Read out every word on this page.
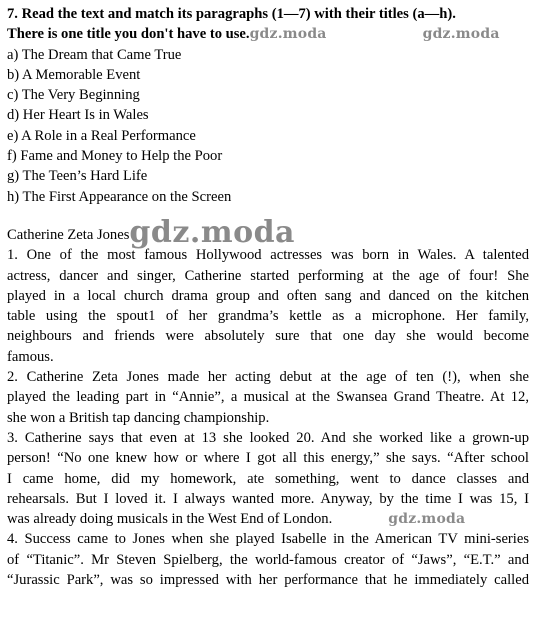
7. Read the text and match its paragraphs (1—7) with their titles (a—h).
There is one title you don't have to use.gdz.moda	gdz.moda
a) The Dream that Came True
b) A Memorable Event
c) The Very Beginning
d) Her Heart Is in Wales
e) A Role in a Real Performance
f) Fame and Money to Help the Poor
g) The Teen’s Hard Life
h) The First Appearance on the Screen
Catherine Zeta Jonesgdz.moda
1. One of the most famous Hollywood actresses was born in Wales. A talented
actress, dancer and singer, Catherine started performing at the age of four! She
played in a local church drama group and often sang and danced on the kitchen
table using the spout1 of her grandma’s kettle as a microphone. Her family,
neighbours and friends were absolutely sure that one day she would become
famous.
2. Catherine Zeta Jones made her acting debut at the age of ten (!), when she
played the leading part in “Annie”, a musical at the Swansea Grand Theatre. At 12,
she won a British tap dancing championship.
3. Catherine says that even at 13 she looked 20. And she worked like a grown-up
person! “No one knew how or where I got all this energy,” she says. “After school
I came home, did my homework, ate something, went to dance classes and
rehearsals. But I loved it. I always wanted more. Anyway, by the time I was 15, I
was already doing musicals in the West End of London.	gdz.moda
4. Success came to Jones when she played Isabelle in the American TV mini-series
of “Titanic”. Mr Steven Spielberg, the world-famous creator of “Jaws”, “E.T.” and
“Jurassic Park”, was so impressed with her performance that he immediately called
